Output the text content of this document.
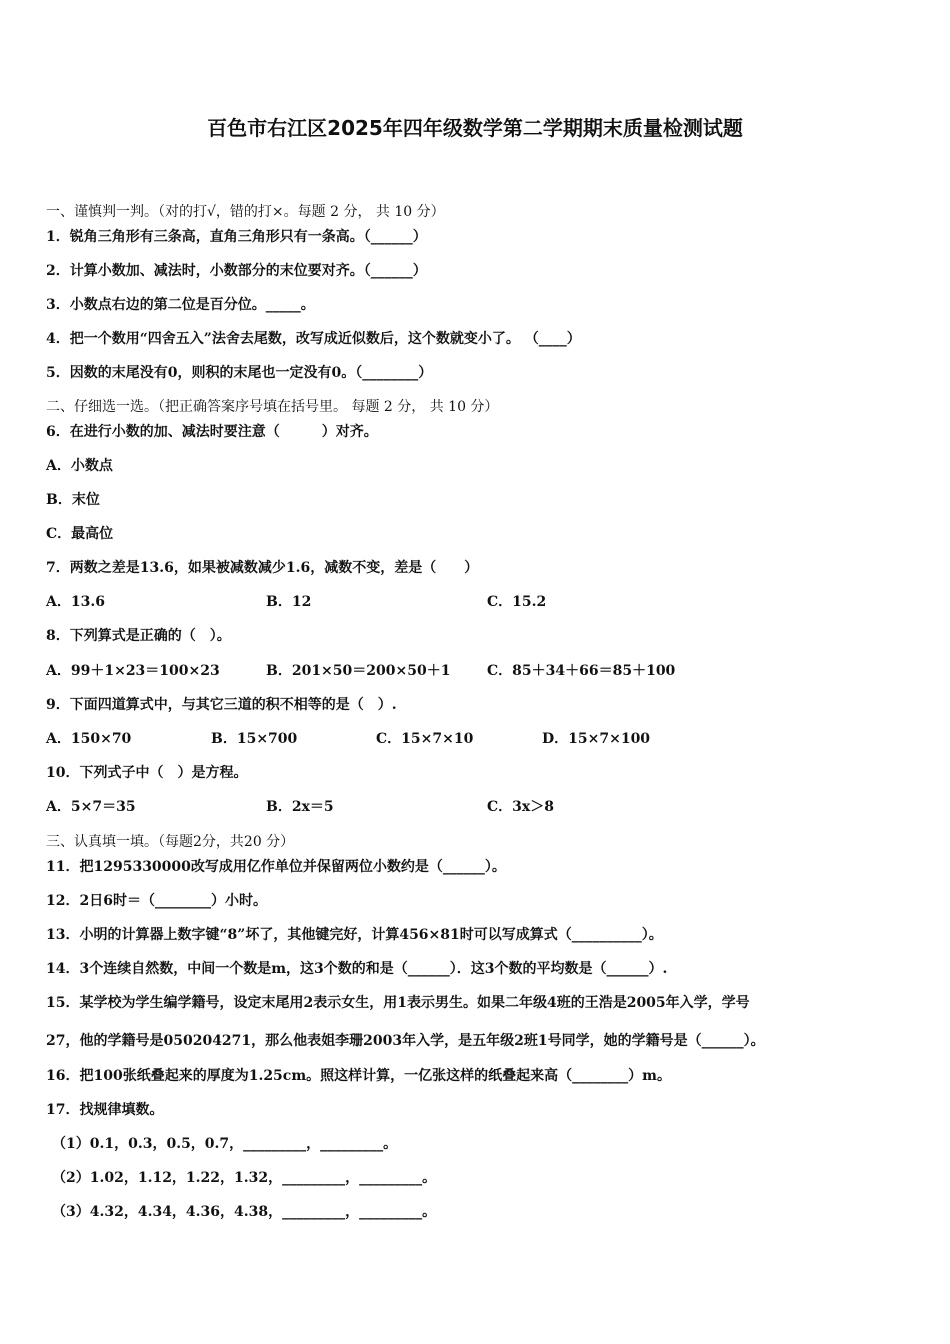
百色市右江区2025年四年级数学第二学期期末质量检测试题
一、谨慎判一判。（对的打√，错的打×。每题 2 分， 共 10 分）
1．锐角三角形有三条高，直角三角形只有一条高。（______）
2．计算小数加、减法时，小数部分的末位要对齐。（______）
3．小数点右边的第二位是百分位。_____。
4．把一个数用“四舍五入”法舍去尾数，改写成近似数后，这个数就变小了。 （____）
5．因数的末尾没有0，则积的末尾也一定没有0。（________）
二、仔细选一选。（把正确答案序号填在括号里。 每题 2 分， 共 10 分）
6．在进行小数的加、减法时要注意（　　　）对齐。
A．小数点
B．末位
C．最高位
7．两数之差是13.6，如果被减数减少1.6，减数不变，差是（　　）
A．13.6	B．12	C．15.2
8．下列算式是正确的（　）。
A．99＋1×23＝100×23	B．201×50＝200×50＋1	C．85＋34＋66＝85＋100
9．下面四道算式中，与其它三道的积不相等的是（　）.
A．150×70	B．15×700	C．15×7×10	D．15×7×100
10．下列式子中（　）是方程。
A．5×7＝35	B．2x＝5	C．3x＞8
三、认真填一填。（每题2分，共20 分）
11．把1295330000改写成用亿作单位并保留两位小数约是（______）。
12．2日6时＝（________）小时。
13．小明的计算器上数字键“8”坏了，其他键完好，计算456×81时可以写成算式（__________）。
14．3个连续自然数，中间一个数是m，这3个数的和是（______）．这3个数的平均数是（______）.
15．某学校为学生编学籍号，设定末尾用2表示女生，用1表示男生。如果二年级4班的王浩是2005年入学，学号
27，他的学籍号是050204271，那么他表姐李珊2003年入学，是五年级2班1号同学，她的学籍号是（______）。
16．把100张纸叠起来的厚度为1.25cm。照这样计算，一亿张这样的纸叠起来高（________）m。
17．找规律填数。
（1）0.1，0.3，0.5，0.7，_________，_________。
（2）1.02，1.12，1.22，1.32，_________，_________。
（3）4.32，4.34，4.36，4.38，_________，_________。
